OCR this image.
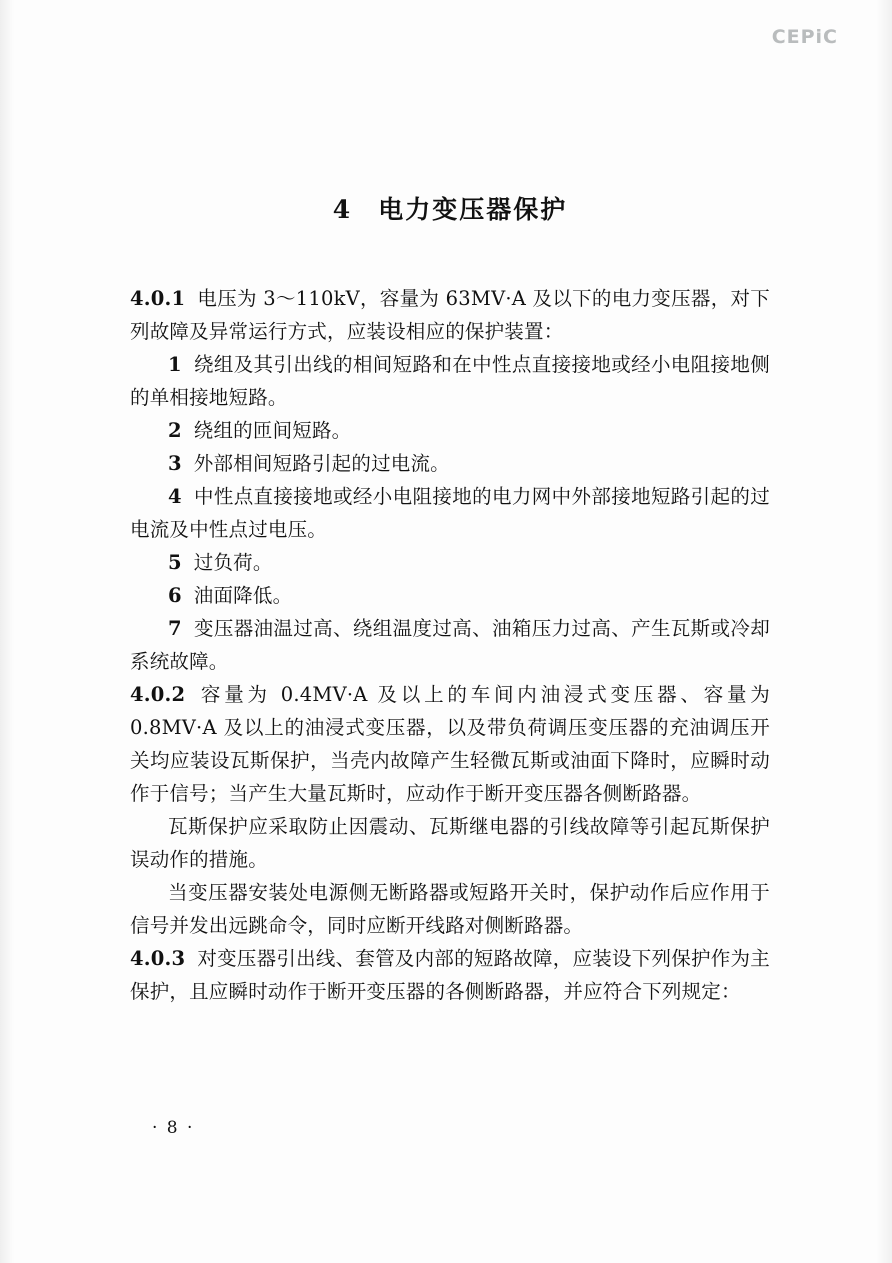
CEPiC
4 电力变压器保护

4.0.1 电压为 3～110kV，容量为 63MV·A 及以下的电力变压器，对下列故障及异常运行方式，应装设相应的保护装置：

1 绕组及其引出线的相间短路和在中性点直接接地或经小电阻接地侧的单相接地短路。

2 绕组的匝间短路。

3 外部相间短路引起的过电流。

4 中性点直接接地或经小电阻接地的电力网中外部接地短路引起的过电流及中性点过电压。

5 过负荷。

6 油面降低。

7 变压器油温过高、绕组温度过高、油箱压力过高、产生瓦斯或冷却系统故障。

4.0.2 容量为 0.4MV·A 及以上的车间内油浸式变压器、容量为 0.8MV·A 及以上的油浸式变压器，以及带负荷调压变压器的充油调压开关均应装设瓦斯保护，当壳内故障产生轻微瓦斯或油面下降时，应瞬时动作于信号；当产生大量瓦斯时，应动作于断开变压器各侧断路器。

瓦斯保护应采取防止因震动、瓦斯继电器的引线故障等引起瓦斯保护误动作的措施。

当变压器安装处电源侧无断路器或短路开关时，保护动作后应作用于信号并发出远跳命令，同时应断开线路对侧断路器。

4.0.3 对变压器引出线、套管及内部的短路故障，应装设下列保护作为主保护，且应瞬时动作于断开变压器的各侧断路器，并应符合下列规定：

· 8 ·
